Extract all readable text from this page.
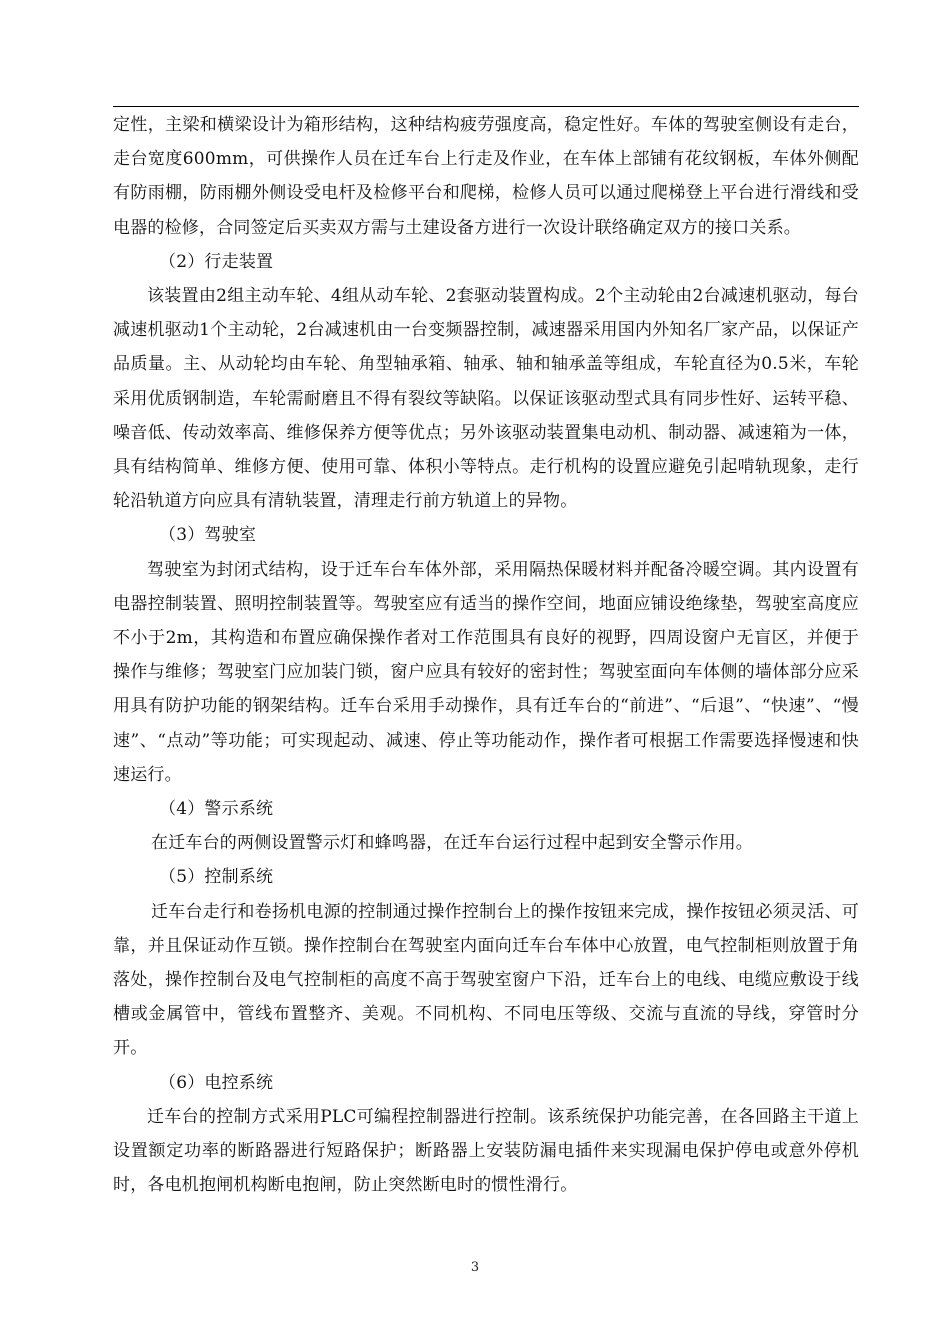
定性，主梁和横梁设计为箱形结构，这种结构疲劳强度高，稳定性好。车体的驾驶室侧设有走台，走台宽度600mm，可供操作人员在迁车台上行走及作业，在车体上部铺有花纹钢板，车体外侧配有防雨棚，防雨棚外侧设受电杆及检修平台和爬梯，检修人员可以通过爬梯登上平台进行滑线和受电器的检修，合同签定后买卖双方需与土建设备方进行一次设计联络确定双方的接口关系。

（2）行走装置

该装置由2组主动车轮、4组从动车轮、2套驱动装置构成。2个主动轮由2台减速机驱动，每台减速机驱动1个主动轮，2台减速机由一台变频器控制，减速器采用国内外知名厂家产品，以保证产品质量。主、从动轮均由车轮、角型轴承箱、轴承、轴和轴承盖等组成，车轮直径为0.5米，车轮采用优质钢制造，车轮需耐磨且不得有裂纹等缺陷。以保证该驱动型式具有同步性好、运转平稳、噪音低、传动效率高、维修保养方便等优点；另外该驱动装置集电动机、制动器、减速箱为一体，具有结构简单、维修方便、使用可靠、体积小等特点。走行机构的设置应避免引起啃轨现象，走行轮沿轨道方向应具有清轨装置，清理走行前方轨道上的异物。

（3）驾驶室

驾驶室为封闭式结构，设于迁车台车体外部，采用隔热保暖材料并配备冷暖空调。其内设置有电器控制装置、照明控制装置等。驾驶室应有适当的操作空间，地面应铺设绝缘垫，驾驶室高度应不小于2m，其构造和布置应确保操作者对工作范围具有良好的视野，四周设窗户无盲区，并便于操作与维修；驾驶室门应加装门锁，窗户应具有较好的密封性；驾驶室面向车体侧的墙体部分应采用具有防护功能的钢架结构。迁车台采用手动操作，具有迁车台的“前进”、“后退”、“快速”、“慢速”、“点动”等功能；可实现起动、减速、停止等功能动作，操作者可根据工作需要选择慢速和快速运行。

（4）警示系统

在迁车台的两侧设置警示灯和蜂鸣器，在迁车台运行过程中起到安全警示作用。

（5）控制系统

迁车台走行和卷扬机电源的控制通过操作控制台上的操作按钮来完成，操作按钮必须灵活、可靠，并且保证动作互锁。操作控制台在驾驶室内面向迁车台车体中心放置，电气控制柜则放置于角落处，操作控制台及电气控制柜的高度不高于驾驶室窗户下沿，迁车台上的电线、电缆应敷设于线槽或金属管中，管线布置整齐、美观。不同机构、不同电压等级、交流与直流的导线，穿管时分开。

（6）电控系统

迁车台的控制方式采用PLC可编程控制器进行控制。该系统保护功能完善，在各回路主干道上设置额定功率的断路器进行短路保护；断路器上安装防漏电插件来实现漏电保护停电或意外停机时，各电机抱闸机构断电抱闸，防止突然断电时的惯性滑行。

3
